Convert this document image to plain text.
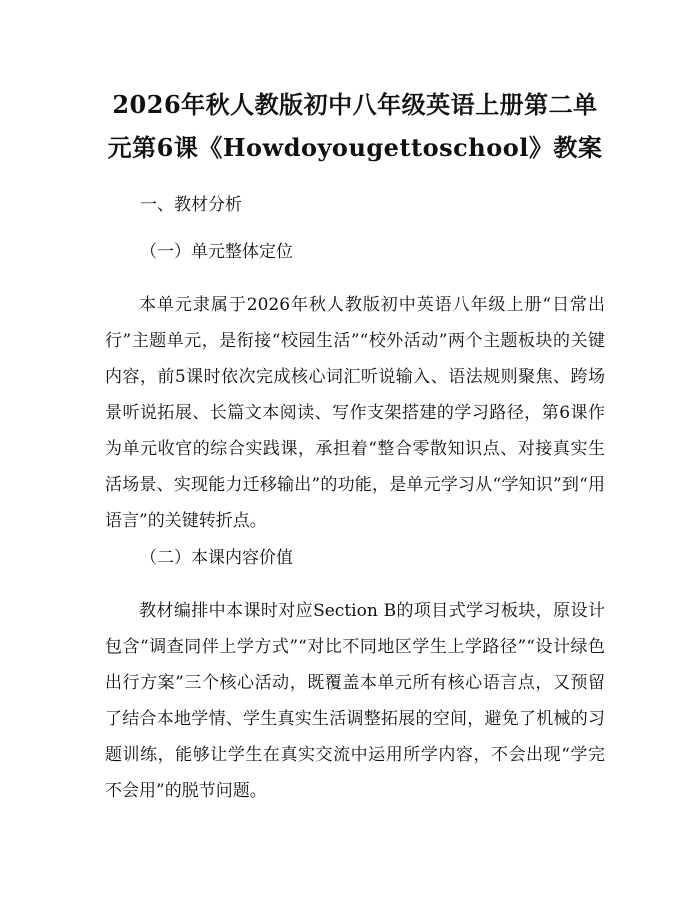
2026年秋人教版初中八年级英语上册第二单
元第6课《Howdoyougettoschool》教案
一、教材分析
（一）单元整体定位
本单元隶属于2026年秋人教版初中英语八年级上册“日常出行”主题单元，是衔接“校园生活”“校外活动”两个主题板块的关键内容，前5课时依次完成核心词汇听说输入、语法规则聚焦、跨场景听说拓展、长篇文本阅读、写作支架搭建的学习路径，第6课作为单元收官的综合实践课，承担着“整合零散知识点、对接真实生活场景、实现能力迁移输出”的功能，是单元学习从“学知识”到“用语言”的关键转折点。
（二）本课内容价值
教材编排中本课时对应Section B的项目式学习板块，原设计包含“调查同伴上学方式”“对比不同地区学生上学路径”“设计绿色出行方案”三个核心活动，既覆盖本单元所有核心语言点，又预留了结合本地学情、学生真实生活调整拓展的空间，避免了机械的习题训练，能够让学生在真实交流中运用所学内容，不会出现“学完不会用”的脱节问题。
